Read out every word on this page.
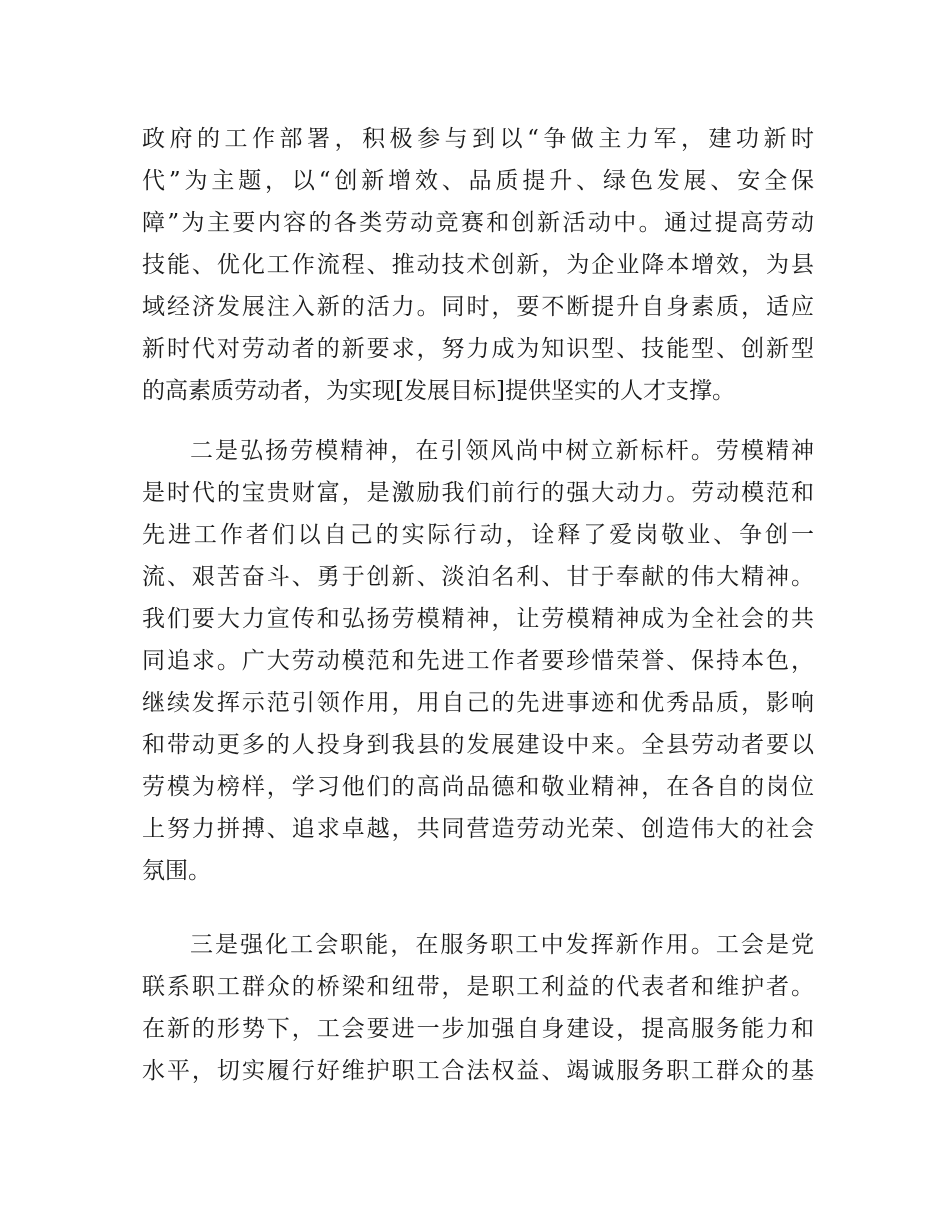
政府的工作部署，积极参与到以“争做主力军，建功新时
代”为主题，以“创新增效、品质提升、绿色发展、安全保
障”为主要内容的各类劳动竞赛和创新活动中。通过提高劳动
技能、优化工作流程、推动技术创新，为企业降本增效，为县
域经济发展注入新的活力。同时，要不断提升自身素质，适应
新时代对劳动者的新要求，努力成为知识型、技能型、创新型
的高素质劳动者，为实现[发展目标]提供坚实的人才支撑。
二是弘扬劳模精神，在引领风尚中树立新标杆。劳模精神
是时代的宝贵财富，是激励我们前行的强大动力。劳动模范和
先进工作者们以自己的实际行动，诠释了爱岗敬业、争创一
流、艰苦奋斗、勇于创新、淡泊名利、甘于奉献的伟大精神。
我们要大力宣传和弘扬劳模精神，让劳模精神成为全社会的共
同追求。广大劳动模范和先进工作者要珍惜荣誉、保持本色，
继续发挥示范引领作用，用自己的先进事迹和优秀品质，影响
和带动更多的人投身到我县的发展建设中来。全县劳动者要以
劳模为榜样，学习他们的高尚品德和敬业精神，在各自的岗位
上努力拼搏、追求卓越，共同营造劳动光荣、创造伟大的社会
氛围。
三是强化工会职能，在服务职工中发挥新作用。工会是党
联系职工群众的桥梁和纽带，是职工利益的代表者和维护者。
在新的形势下，工会要进一步加强自身建设，提高服务能力和
水平，切实履行好维护职工合法权益、竭诚服务职工群众的基
